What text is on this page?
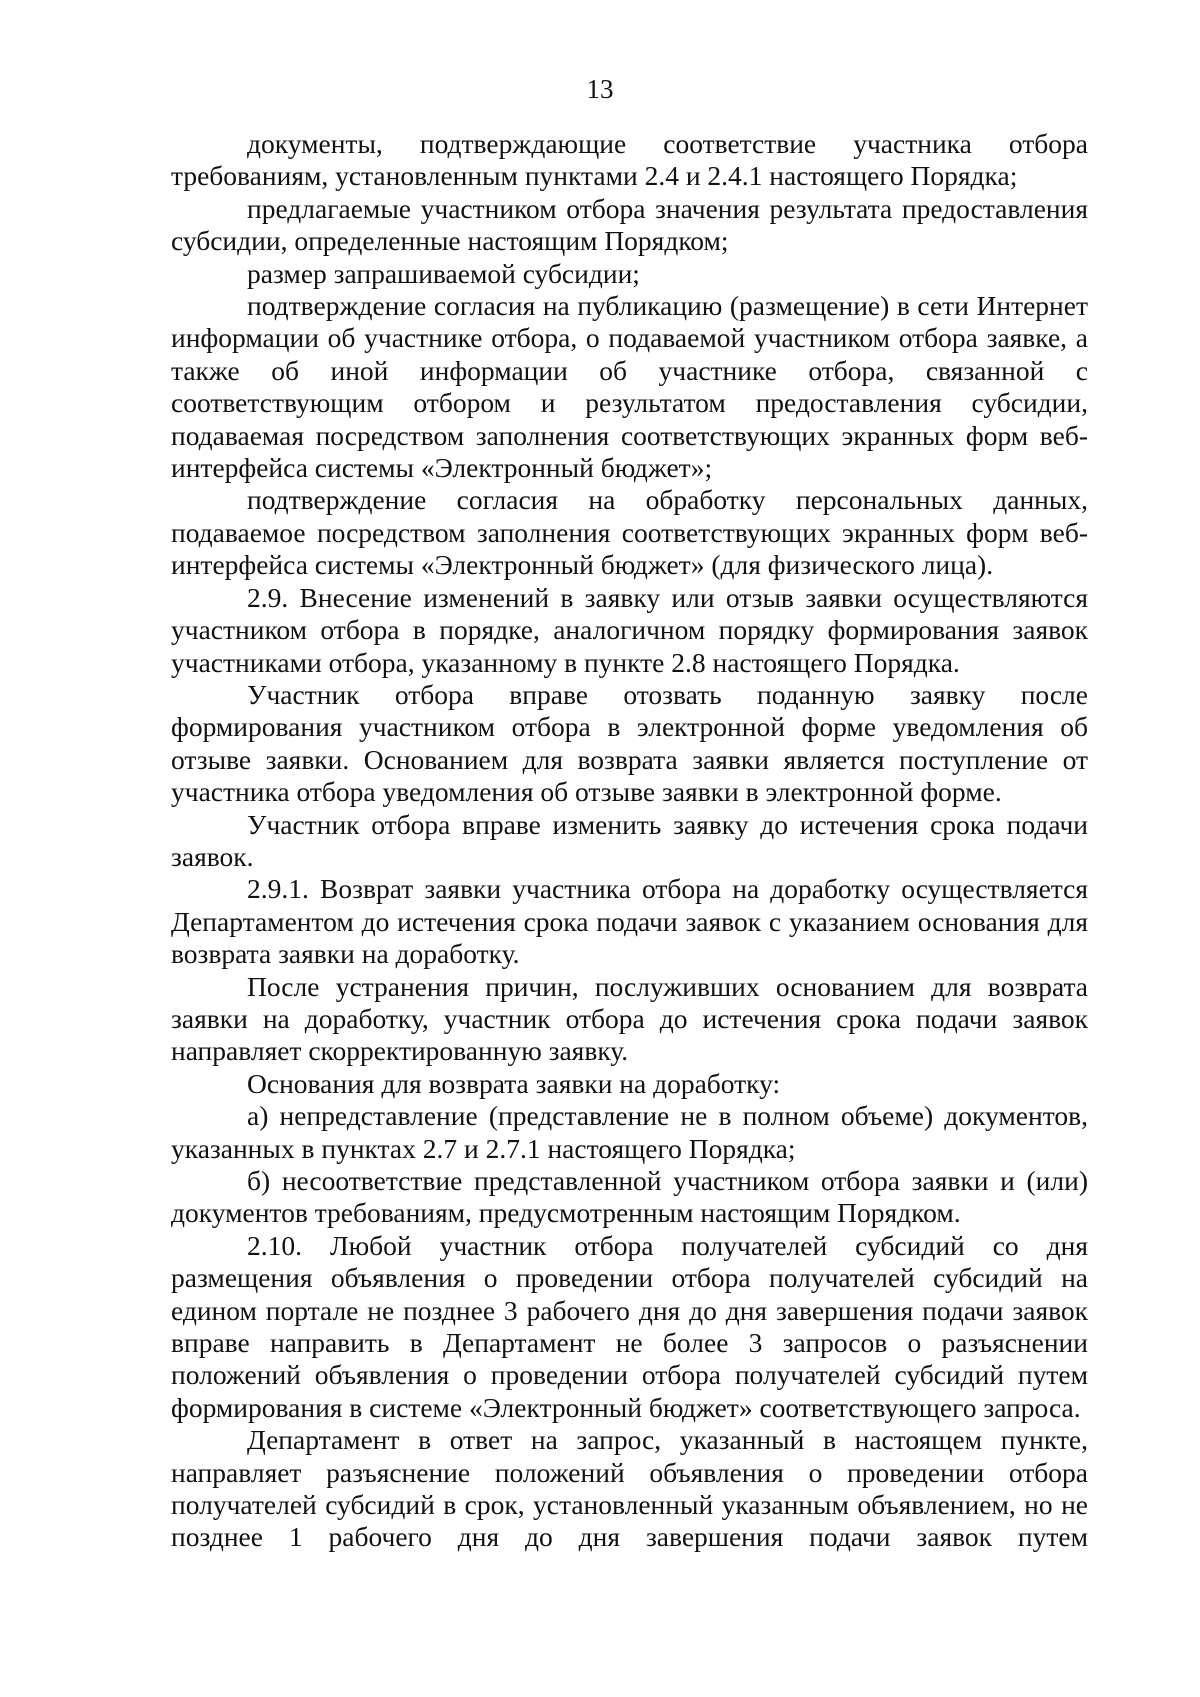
13

документы, подтверждающие соответствие участника отбора требованиям, установленным пунктами 2.4 и 2.4.1 настоящего Порядка;

предлагаемые участником отбора значения результата предоставления субсидии, определенные настоящим Порядком;

размер запрашиваемой субсидии;

подтверждение согласия на публикацию (размещение) в сети Интернет информации об участнике отбора, о подаваемой участником отбора заявке, а также об иной информации об участнике отбора, связанной с соответствующим отбором и результатом предоставления субсидии, подаваемая посредством заполнения соответствующих экранных форм веб-интерфейса системы «Электронный бюджет»;

подтверждение согласия на обработку персональных данных, подаваемое посредством заполнения соответствующих экранных форм веб-интерфейса системы «Электронный бюджет» (для физического лица).

2.9. Внесение изменений в заявку или отзыв заявки осуществляются участником отбора в порядке, аналогичном порядку формирования заявок участниками отбора, указанному в пункте 2.8 настоящего Порядка.

Участник отбора вправе отозвать поданную заявку после формирования участником отбора в электронной форме уведомления об отзыве заявки. Основанием для возврата заявки является поступление от участника отбора уведомления об отзыве заявки в электронной форме.

Участник отбора вправе изменить заявку до истечения срока подачи заявок.

2.9.1. Возврат заявки участника отбора на доработку осуществляется Департаментом до истечения срока подачи заявок с указанием основания для возврата заявки на доработку.

После устранения причин, послуживших основанием для возврата заявки на доработку, участник отбора до истечения срока подачи заявок направляет скорректированную заявку.

Основания для возврата заявки на доработку:

а) непредставление (представление не в полном объеме) документов, указанных в пунктах 2.7 и 2.7.1 настоящего Порядка;

б) несоответствие представленной участником отбора заявки и (или) документов требованиям, предусмотренным настоящим Порядком.

2.10. Любой участник отбора получателей субсидий со дня размещения объявления о проведении отбора получателей субсидий на едином портале не позднее 3 рабочего дня до дня завершения подачи заявок вправе направить в Департамент не более 3 запросов о разъяснении положений объявления о проведении отбора получателей субсидий путем формирования в системе «Электронный бюджет» соответствующего запроса.

Департамент в ответ на запрос, указанный в настоящем пункте, направляет разъяснение положений объявления о проведении отбора получателей субсидий в срок, установленный указанным объявлением, но не позднее 1 рабочего дня до дня завершения подачи заявок путем
